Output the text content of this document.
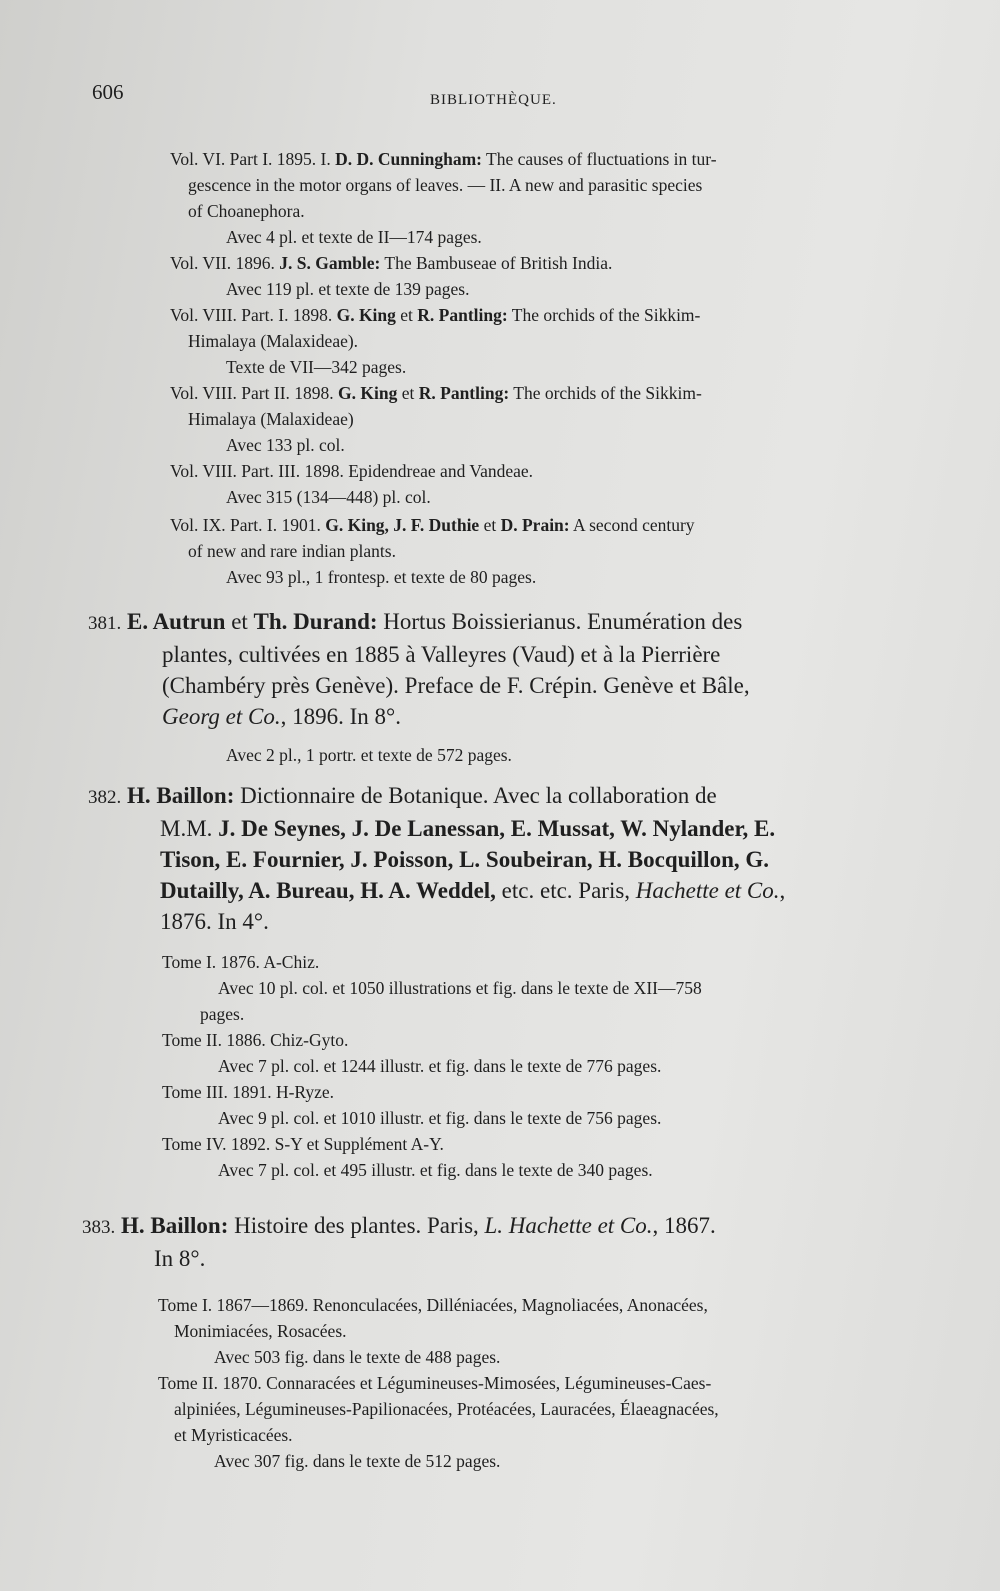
606	BIBLIOTHÈQUE.
Vol. VI. Part I. 1895. I. D. D. Cunningham: The causes of fluctuations in tur-
gescence in the motor organs of leaves. — II. A new and parasitic species
of Choanephora.
Avec 4 pl. et texte de II—174 pages.
Vol. VII. 1896. J. S. Gamble: The Bambuseae of British India.
Avec 119 pl. et texte de 139 pages.
Vol. VIII. Part. I. 1898. G. King et R. Pantling: The orchids of the Sikkim-
Himalaya (Malaxideae).
Texte de VII—342 pages.
Vol. VIII. Part II. 1898. G. King et R. Pantling: The orchids of the Sikkim-
Himalaya (Malaxideae)
Avec 133 pl. col.
Vol. VIII. Part. III. 1898. Epidendreae and Vandeae.
Avec 315 (134—448) pl. col.
Vol. IX. Part. I. 1901. G. King, J. F. Duthie et D. Prain: A second century
of new and rare indian plants.
Avec 93 pl., 1 frontesp. et texte de 80 pages.
381. E. Autrun et Th. Durand: Hortus Boissierianus. Enumération des
plantes, cultivées en 1885 à Valleyres (Vaud) et à la Pierrière
(Chambéry près Genève). Preface de F. Crépin. Genève et Bâle,
Georg et Co., 1896. In 8°.
Avec 2 pl., 1 portr. et texte de 572 pages.
382. H. Baillon: Dictionnaire de Botanique. Avec la collaboration de
M.M. J. De Seynes, J. De Lanessan, E. Mussat, W. Nylander, E.
Tison, E. Fournier, J. Poisson, L. Soubeiran, H. Bocquillon, G.
Dutailly, A. Bureau, H. A. Weddel, etc. etc. Paris, Hachette et Co.,
1876. In 4°.
Tome I. 1876. A-Chiz.
Avec 10 pl. col. et 1050 illustrations et fig. dans le texte de XII—758
pages.
Tome II. 1886. Chiz-Gyto.
Avec 7 pl. col. et 1244 illustr. et fig. dans le texte de 776 pages.
Tome III. 1891. H-Ryze.
Avec 9 pl. col. et 1010 illustr. et fig. dans le texte de 756 pages.
Tome IV. 1892. S-Y et Supplément A-Y.
Avec 7 pl. col. et 495 illustr. et fig. dans le texte de 340 pages.
383. H. Baillon: Histoire des plantes. Paris, L. Hachette et Co., 1867.
In 8°.
Tome I. 1867—1869. Renonculacées, Dilléniacées, Magnoliacées, Anonacées,
Monimiacées, Rosacées.
Avec 503 fig. dans le texte de 488 pages.
Tome II. 1870. Connaracées et Légumineuses-Mimosées, Légumineuses-Caes-
alpiniées, Légumineuses-Papilionacées, Protéacées, Lauracées, Élaeagnacées,
et Myristicacées.
Avec 307 fig. dans le texte de 512 pages.
